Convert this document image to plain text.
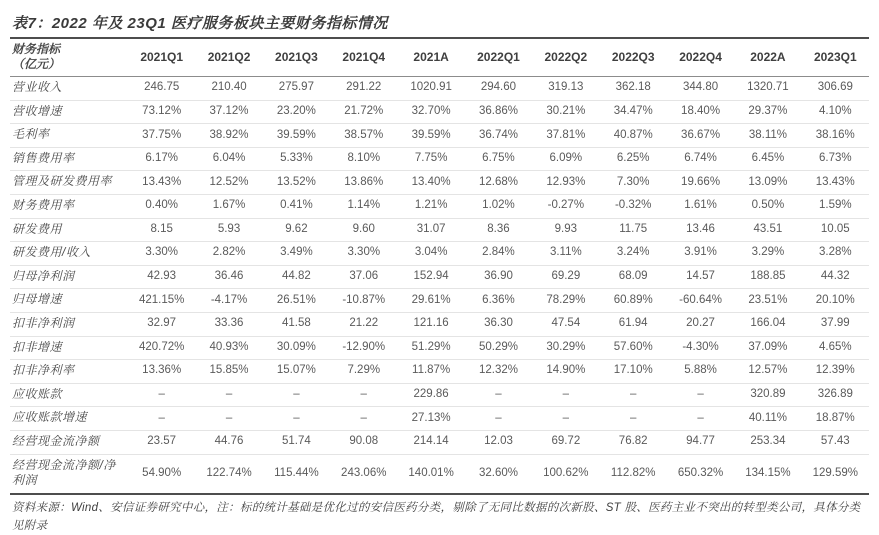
表7：2022 年及 23Q1 医疗服务板块主要财务指标情况
财务指标
（亿元）	2021Q1	2021Q2	2021Q3	2021Q4	2021A	2022Q1	2022Q2	2022Q3	2022Q4	2022A	2023Q1
营业收入	246.75	210.40	275.97	291.22	1020.91	294.60	319.13	362.18	344.80	1320.71	306.69
营收增速	73.12%	37.12%	23.20%	21.72%	32.70%	36.86%	30.21%	34.47%	18.40%	29.37%	4.10%
毛利率	37.75%	38.92%	39.59%	38.57%	39.59%	36.74%	37.81%	40.87%	36.67%	38.11%	38.16%
销售费用率	6.17%	6.04%	5.33%	8.10%	7.75%	6.75%	6.09%	6.25%	6.74%	6.45%	6.73%
管理及研发费用率	13.43%	12.52%	13.52%	13.86%	13.40%	12.68%	12.93%	7.30%	19.66%	13.09%	13.43%
财务费用率	0.40%	1.67%	0.41%	1.14%	1.21%	1.02%	-0.27%	-0.32%	1.61%	0.50%	1.59%
研发费用	8.15	5.93	9.62	9.60	31.07	8.36	9.93	11.75	13.46	43.51	10.05
研发费用/收入	3.30%	2.82%	3.49%	3.30%	3.04%	2.84%	3.11%	3.24%	3.91%	3.29%	3.28%
归母净利润	42.93	36.46	44.82	37.06	152.94	36.90	69.29	68.09	14.57	188.85	44.32
归母增速	421.15%	-4.17%	26.51%	-10.87%	29.61%	6.36%	78.29%	60.89%	-60.64%	23.51%	20.10%
扣非净利润	32.97	33.36	41.58	21.22	121.16	36.30	47.54	61.94	20.27	166.04	37.99
扣非增速	420.72%	40.93%	30.09%	-12.90%	51.29%	50.29%	30.29%	57.60%	-4.30%	37.09%	4.65%
扣非净利率	13.36%	15.85%	15.07%	7.29%	11.87%	12.32%	14.90%	17.10%	5.88%	12.57%	12.39%
应收账款	–	–	–	–	229.86	–	–	–	–	320.89	326.89
应收账款增速	–	–	–	–	27.13%	–	–	–	–	40.11%	18.87%
经营现金流净额	23.57	44.76	51.74	90.08	214.14	12.03	69.72	76.82	94.77	253.34	57.43
经营现金流净额/净利润	54.90%	122.74%	115.44%	243.06%	140.01%	32.60%	100.62%	112.82%	650.32%	134.15%	129.59%
资料来源：Wind、安信证券研究中心，注：标的统计基础是优化过的安信医药分类，剔除了无同比数据的次新股、ST 股、医药主业不突出的转型类公司，具体分类见附录
